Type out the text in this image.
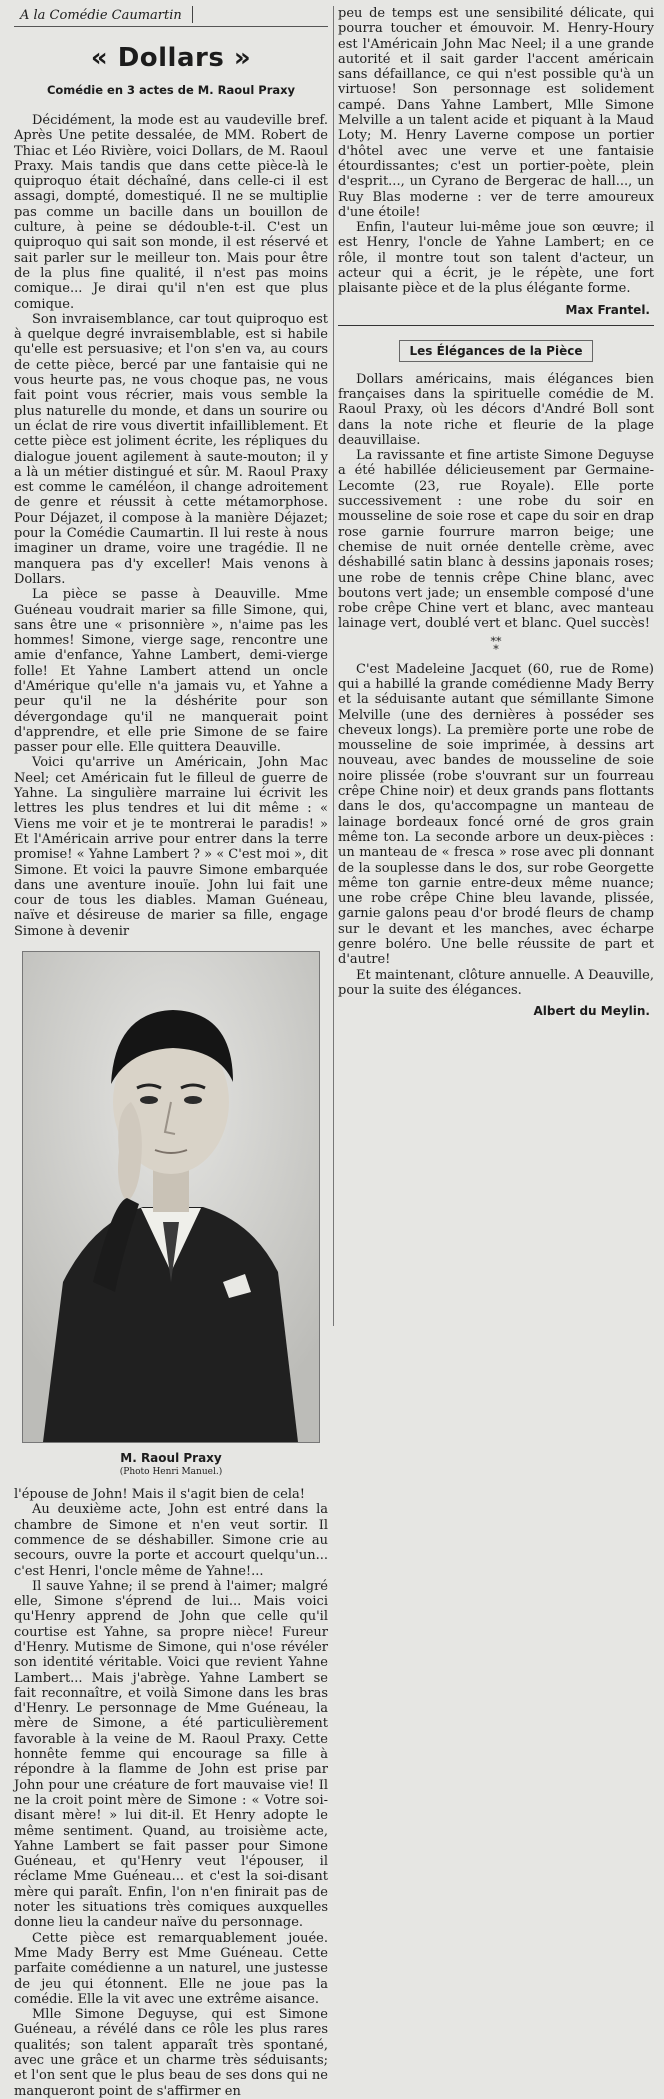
A la Comédie Caumartin
« Dollars »
Comédie en 3 actes de M. Raoul Praxy

Décidément, la mode est au vaudeville bref. Après Une petite dessalée, de MM. Robert de Thiac et Léo Rivière, voici Dollars, de M. Raoul Praxy. Mais tandis que dans cette pièce-là le quiproquo était déchaîné, dans celle-ci il est assagi, dompté, domestiqué. Il ne se multiplie pas comme un bacille dans un bouillon de culture, à peine se dédouble-t-il. C'est un quiproquo qui sait son monde, il est réservé et sait parler sur le meilleur ton. Mais pour être de la plus fine qualité, il n'est pas moins comique... Je dirai qu'il n'en est que plus comique.

Son invraisemblance, car tout quiproquo est à quelque degré invraisemblable, est si habile qu'elle est persuasive; et l'on s'en va, au cours de cette pièce, bercé par une fantaisie qui ne vous heurte pas, ne vous choque pas, ne vous fait point vous récrier, mais vous semble la plus naturelle du monde, et dans un sourire ou un éclat de rire vous divertit infailliblement. Et cette pièce est joliment écrite, les répliques du dialogue jouent agilement à saute-mouton; il y a là un métier distingué et sûr. M. Raoul Praxy est comme le caméléon, il change adroitement de genre et réussit à cette métamorphose. Pour Déjazet, il compose à la manière Déjazet; pour la Comédie Caumartin. Il lui reste à nous imaginer un drame, voire une tragédie. Il ne manquera pas d'y exceller! Mais venons à Dollars.

La pièce se passe à Deauville. Mme Guéneau voudrait marier sa fille Simone, qui, sans être une « prisonnière », n'aime pas les hommes! Simone, vierge sage, rencontre une amie d'enfance, Yahne Lambert, demi-vierge folle! Et Yahne Lambert attend un oncle d'Amérique qu'elle n'a jamais vu, et Yahne a peur qu'il ne la déshérite pour son dévergondage qu'il ne manquerait point d'apprendre, et elle prie Simone de se faire passer pour elle. Elle quittera Deauville.

Voici qu'arrive un Américain, John Mac Neel; cet Américain fut le filleul de guerre de Yahne. La singulière marraine lui écrivit les lettres les plus tendres et lui dit même : « Viens me voir et je te montrerai le paradis! » Et l'Américain arrive pour entrer dans la terre promise! « Yahne Lambert ? » « C'est moi », dit Simone. Et voici la pauvre Simone embarquée dans une aventure inouïe. John lui fait une cour de tous les diables. Maman Guéneau, naïve et désireuse de marier sa fille, engage Simone à devenir

M. Raoul Praxy
(Photo Henri Manuel.)

l'épouse de John! Mais il s'agit bien de cela!

Au deuxième acte, John est entré dans la chambre de Simone et n'en veut sortir. Il commence de se déshabiller. Simone crie au secours, ouvre la porte et accourt quelqu'un... c'est Henri, l'oncle même de Yahne!...

Il sauve Yahne; il se prend à l'aimer; malgré elle, Simone s'éprend de lui... Mais voici qu'Henry apprend de John que celle qu'il courtise est Yahne, sa propre nièce! Fureur d'Henry. Mutisme de Simone, qui n'ose révéler son identité véritable. Voici que revient Yahne Lambert... Mais j'abrège. Yahne Lambert se fait reconnaître, et voilà Simone dans les bras d'Henry. Le personnage de Mme Guéneau, la mère de Simone, a été particulièrement favorable à la veine de M. Raoul Praxy. Cette honnête femme qui encourage sa fille à répondre à la flamme de John est prise par John pour une créature de fort mauvaise vie! Il ne la croit point mère de Simone : « Votre soi-disant mère! » lui dit-il. Et Henry adopte le même sentiment. Quand, au troisième acte, Yahne Lambert se fait passer pour Simone Guéneau, et qu'Henry veut l'épouser, il réclame Mme Guéneau... et c'est la soi-disant mère qui paraît. Enfin, l'on n'en finirait pas de noter les situations très comiques auxquelles donne lieu la candeur naïve du personnage.

Cette pièce est remarquablement jouée. Mme Mady Berry est Mme Guéneau. Cette parfaite comédienne a un naturel, une justesse de jeu qui étonnent. Elle ne joue pas la comédie. Elle la vit avec une extrême aisance.

Mlle Simone Deguyse, qui est Simone Guéneau, a révélé dans ce rôle les plus rares qualités; son talent apparaît très spontané, avec une grâce et un charme très séduisants; et l'on sent que le plus beau de ses dons qui ne manqueront point de s'affirmer en

peu de temps est une sensibilité délicate, qui pourra toucher et émouvoir. M. Henry-Houry est l'Américain John Mac Neel; il a une grande autorité et il sait garder l'accent américain sans défaillance, ce qui n'est possible qu'à un virtuose! Son personnage est solidement campé. Dans Yahne Lambert, Mlle Simone Melville a un talent acide et piquant à la Maud Loty; M. Henry Laverne compose un portier d'hôtel avec une verve et une fantaisie étourdissantes; c'est un portier-poète, plein d'esprit..., un Cyrano de Bergerac de hall..., un Ruy Blas moderne : ver de terre amoureux d'une étoile!

Enfin, l'auteur lui-même joue son œuvre; il est Henry, l'oncle de Yahne Lambert; en ce rôle, il montre tout son talent d'acteur, un acteur qui a écrit, je le répète, une fort plaisante pièce et de la plus élégante forme.

Max Frantel.
Les Élégances de la Pièce

Dollars américains, mais élégances bien françaises dans la spirituelle comédie de M. Raoul Praxy, où les décors d'André Boll sont dans la note riche et fleurie de la plage deauvillaise.

La ravissante et fine artiste Simone Deguyse a été habillée délicieusement par Germaine-Lecomte (23, rue Royale). Elle porte successivement : une robe du soir en mousseline de soie rose et cape du soir en drap rose garnie fourrure marron beige; une chemise de nuit ornée dentelle crème, avec déshabillé satin blanc à dessins japonais roses; une robe de tennis crêpe Chine blanc, avec boutons vert jade; un ensemble composé d'une robe crêpe Chine vert et blanc, avec manteau lainage vert, doublé vert et blanc. Quel succès!

**
*

C'est Madeleine Jacquet (60, rue de Rome) qui a habillé la grande comédienne Mady Berry et la séduisante autant que sémillante Simone Melville (une des dernières à posséder ses cheveux longs). La première porte une robe de mousseline de soie imprimée, à dessins art nouveau, avec bandes de mousseline de soie noire plissée (robe s'ouvrant sur un fourreau crêpe Chine noir) et deux grands pans flottants dans le dos, qu'accompagne un manteau de lainage bordeaux foncé orné de gros grain même ton. La seconde arbore un deux-pièces : un manteau de « fresca » rose avec pli donnant de la souplesse dans le dos, sur robe Georgette même ton garnie entre-deux même nuance; une robe crêpe Chine bleu lavande, plissée, garnie galons peau d'or brodé fleurs de champ sur le devant et les manches, avec écharpe genre boléro. Une belle réussite de part et d'autre!

Et maintenant, clôture annuelle. A Deauville, pour la suite des élégances.

Albert du Meylin.
